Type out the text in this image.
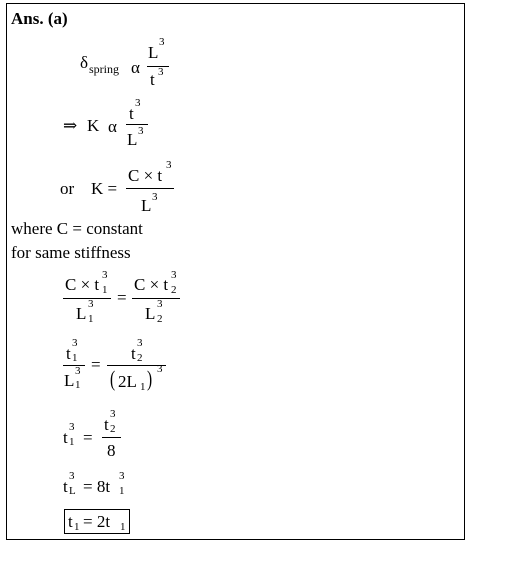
Ans. (a)
δ spring α
L
3
t 3
⇒ K α
t
3
L 3
or K =
C × t
3
L 3
where C = constant
for same stiffness
C × t 3
1
L 3
1
=
C × t 3
2
L 3
2
t
3
1
L 3
1
=
t
3
2
( 2L 1 ) 3
t
3
1 =
t
3
2
8
t
3
L = 8t
3
1
t 1 = 2t 1
